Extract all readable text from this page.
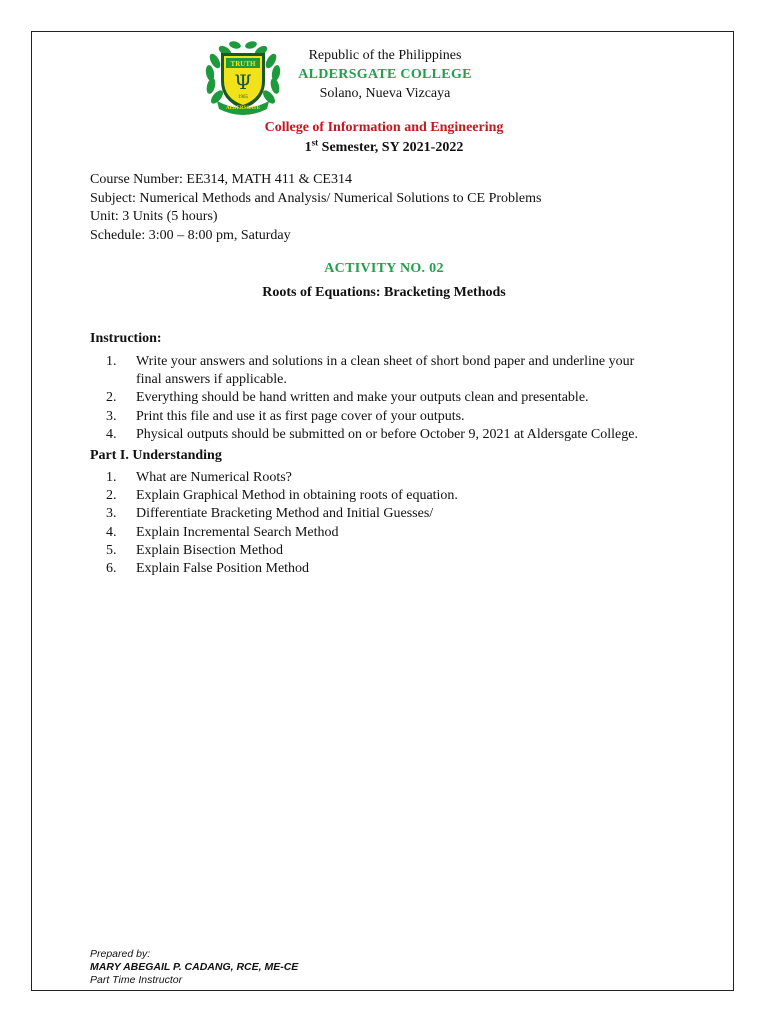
TRUTH
Ψ
1965
ALDERSGATE
Republic of the Philippines
ALDERSGATE COLLEGE
Solano, Nueva Vizcaya
College of Information and Engineering
1st Semester, SY 2021-2022
Course Number: EE314, MATH 411 & CE314
Subject: Numerical Methods and Analysis/ Numerical Solutions to CE Problems
Unit: 3 Units (5 hours)
Schedule: 3:00 – 8:00 pm, Saturday
ACTIVITY NO. 02
Roots of Equations: Bracketing Methods
Instruction:
1.	Write your answers and solutions in a clean sheet of short bond paper and underline your
final answers if applicable.
2.	Everything should be hand written and make your outputs clean and presentable.
3.	Print this file and use it as first page cover of your outputs.
4.	Physical outputs should be submitted on or before October 9, 2021 at Aldersgate College.
Part I. Understanding
1.	What are Numerical Roots?
2.	Explain Graphical Method in obtaining roots of equation.
3.	Differentiate Bracketing Method and Initial Guesses/
4.	Explain Incremental Search Method
5.	Explain Bisection Method
6.	Explain False Position Method
Prepared by:
MARY ABEGAIL P. CADANG, RCE, ME-CE
Part Time Instructor
